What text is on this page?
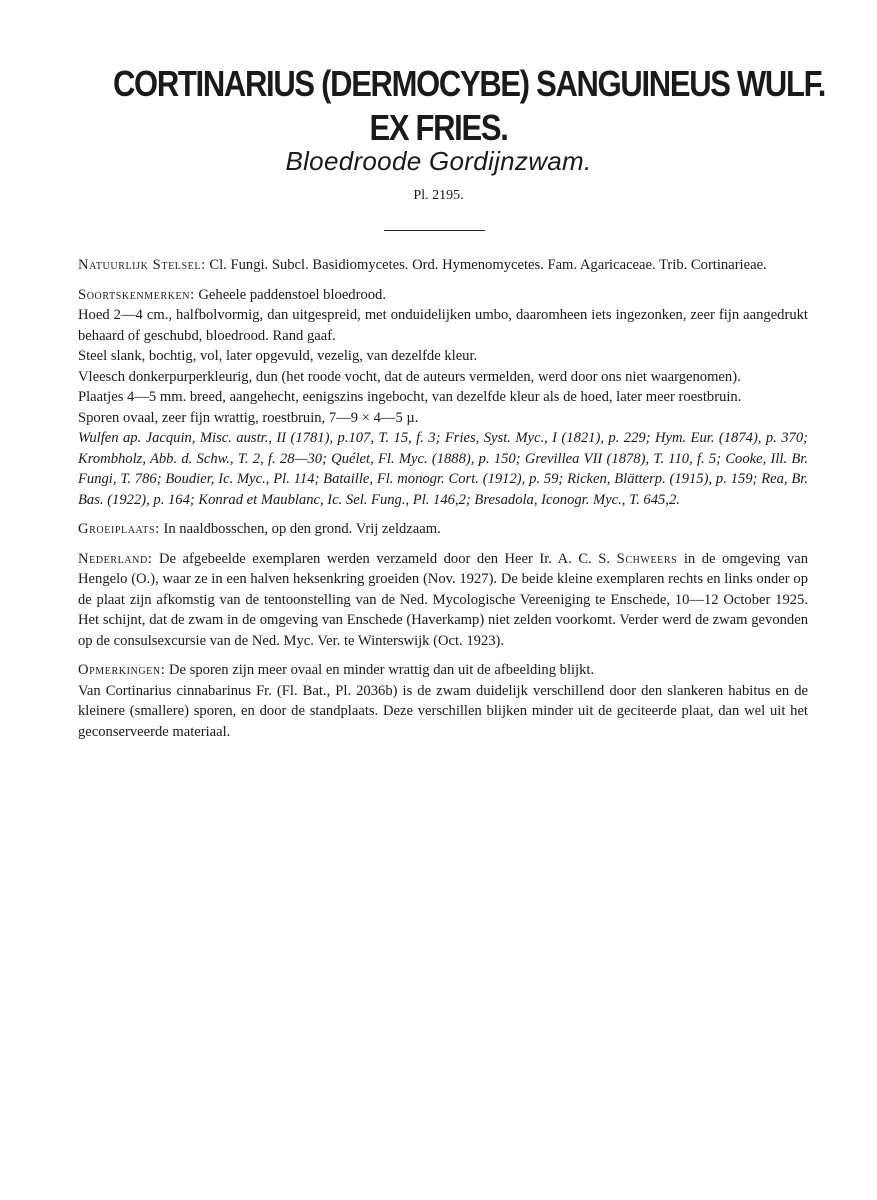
CORTINARIUS (DERMOCYBE) SANGUINEUS WULF.
EX FRIES.
Bloedroode Gordijnzwam.
Pl. 2195.

Natuurlijk Stelsel: Cl. Fungi. Subcl. Basidiomycetes. Ord. Hymenomycetes. Fam. Agaricaceae. Trib. Cortinarieae.

Soortskenmerken: Geheele paddenstoel bloedrood.

Hoed 2—4 cm., halfbolvormig, dan uitgespreid, met onduidelijken umbo, daaromheen iets ingezonken, zeer fijn aangedrukt behaard of geschubd, bloedrood. Rand gaaf.

Steel slank, bochtig, vol, later opgevuld, vezelig, van dezelfde kleur.

Vleesch donkerpurperkleurig, dun (het roode vocht, dat de auteurs vermelden, werd door ons niet waargenomen).

Plaatjes 4—5 mm. breed, aangehecht, eenigszins ingebocht, van dezelfde kleur als de hoed, later meer roestbruin.

Sporen ovaal, zeer fijn wrattig, roestbruin, 7—9 × 4—5 µ.

Wulfen ap. Jacquin, Misc. austr., II (1781), p.107, T. 15, f. 3; Fries, Syst. Myc., I (1821), p. 229; Hym. Eur. (1874), p. 370; Krombholz, Abb. d. Schw., T. 2, f. 28—30; Quélet, Fl. Myc. (1888), p. 150; Grevillea VII (1878), T. 110, f. 5; Cooke, Ill. Br. Fungi, T. 786; Boudier, Ic. Myc., Pl. 114; Bataille, Fl. monogr. Cort. (1912), p. 59; Ricken, Blätterp. (1915), p. 159; Rea, Br. Bas. (1922), p. 164; Konrad et Maublanc, Ic. Sel. Fung., Pl. 146,2; Bresadola, Iconogr. Myc., T. 645,2.

Groeiplaats: In naaldbosschen, op den grond. Vrij zeldzaam.

Nederland: De afgebeelde exemplaren werden verzameld door den Heer Ir. A. C. S. Schweers in de omgeving van Hengelo (O.), waar ze in een halven heksenkring groeiden (Nov. 1927). De beide kleine exemplaren rechts en links onder op de plaat zijn afkomstig van de tentoonstelling van de Ned. Mycologische Vereeniging te Enschede, 10—12 October 1925. Het schijnt, dat de zwam in de omgeving van Enschede (Haverkamp) niet zelden voorkomt. Verder werd de zwam gevonden op de consulsexcursie van de Ned. Myc. Ver. te Winterswijk (Oct. 1923).

Opmerkingen: De sporen zijn meer ovaal en minder wrattig dan uit de afbeelding blijkt.

Van Cortinarius cinnabarinus Fr. (Fl. Bat., Pl. 2036b) is de zwam duidelijk verschillend door den slankeren habitus en de kleinere (smallere) sporen, en door de standplaats. Deze verschillen blijken minder uit de geciteerde plaat, dan wel uit het geconserveerde materiaal.
